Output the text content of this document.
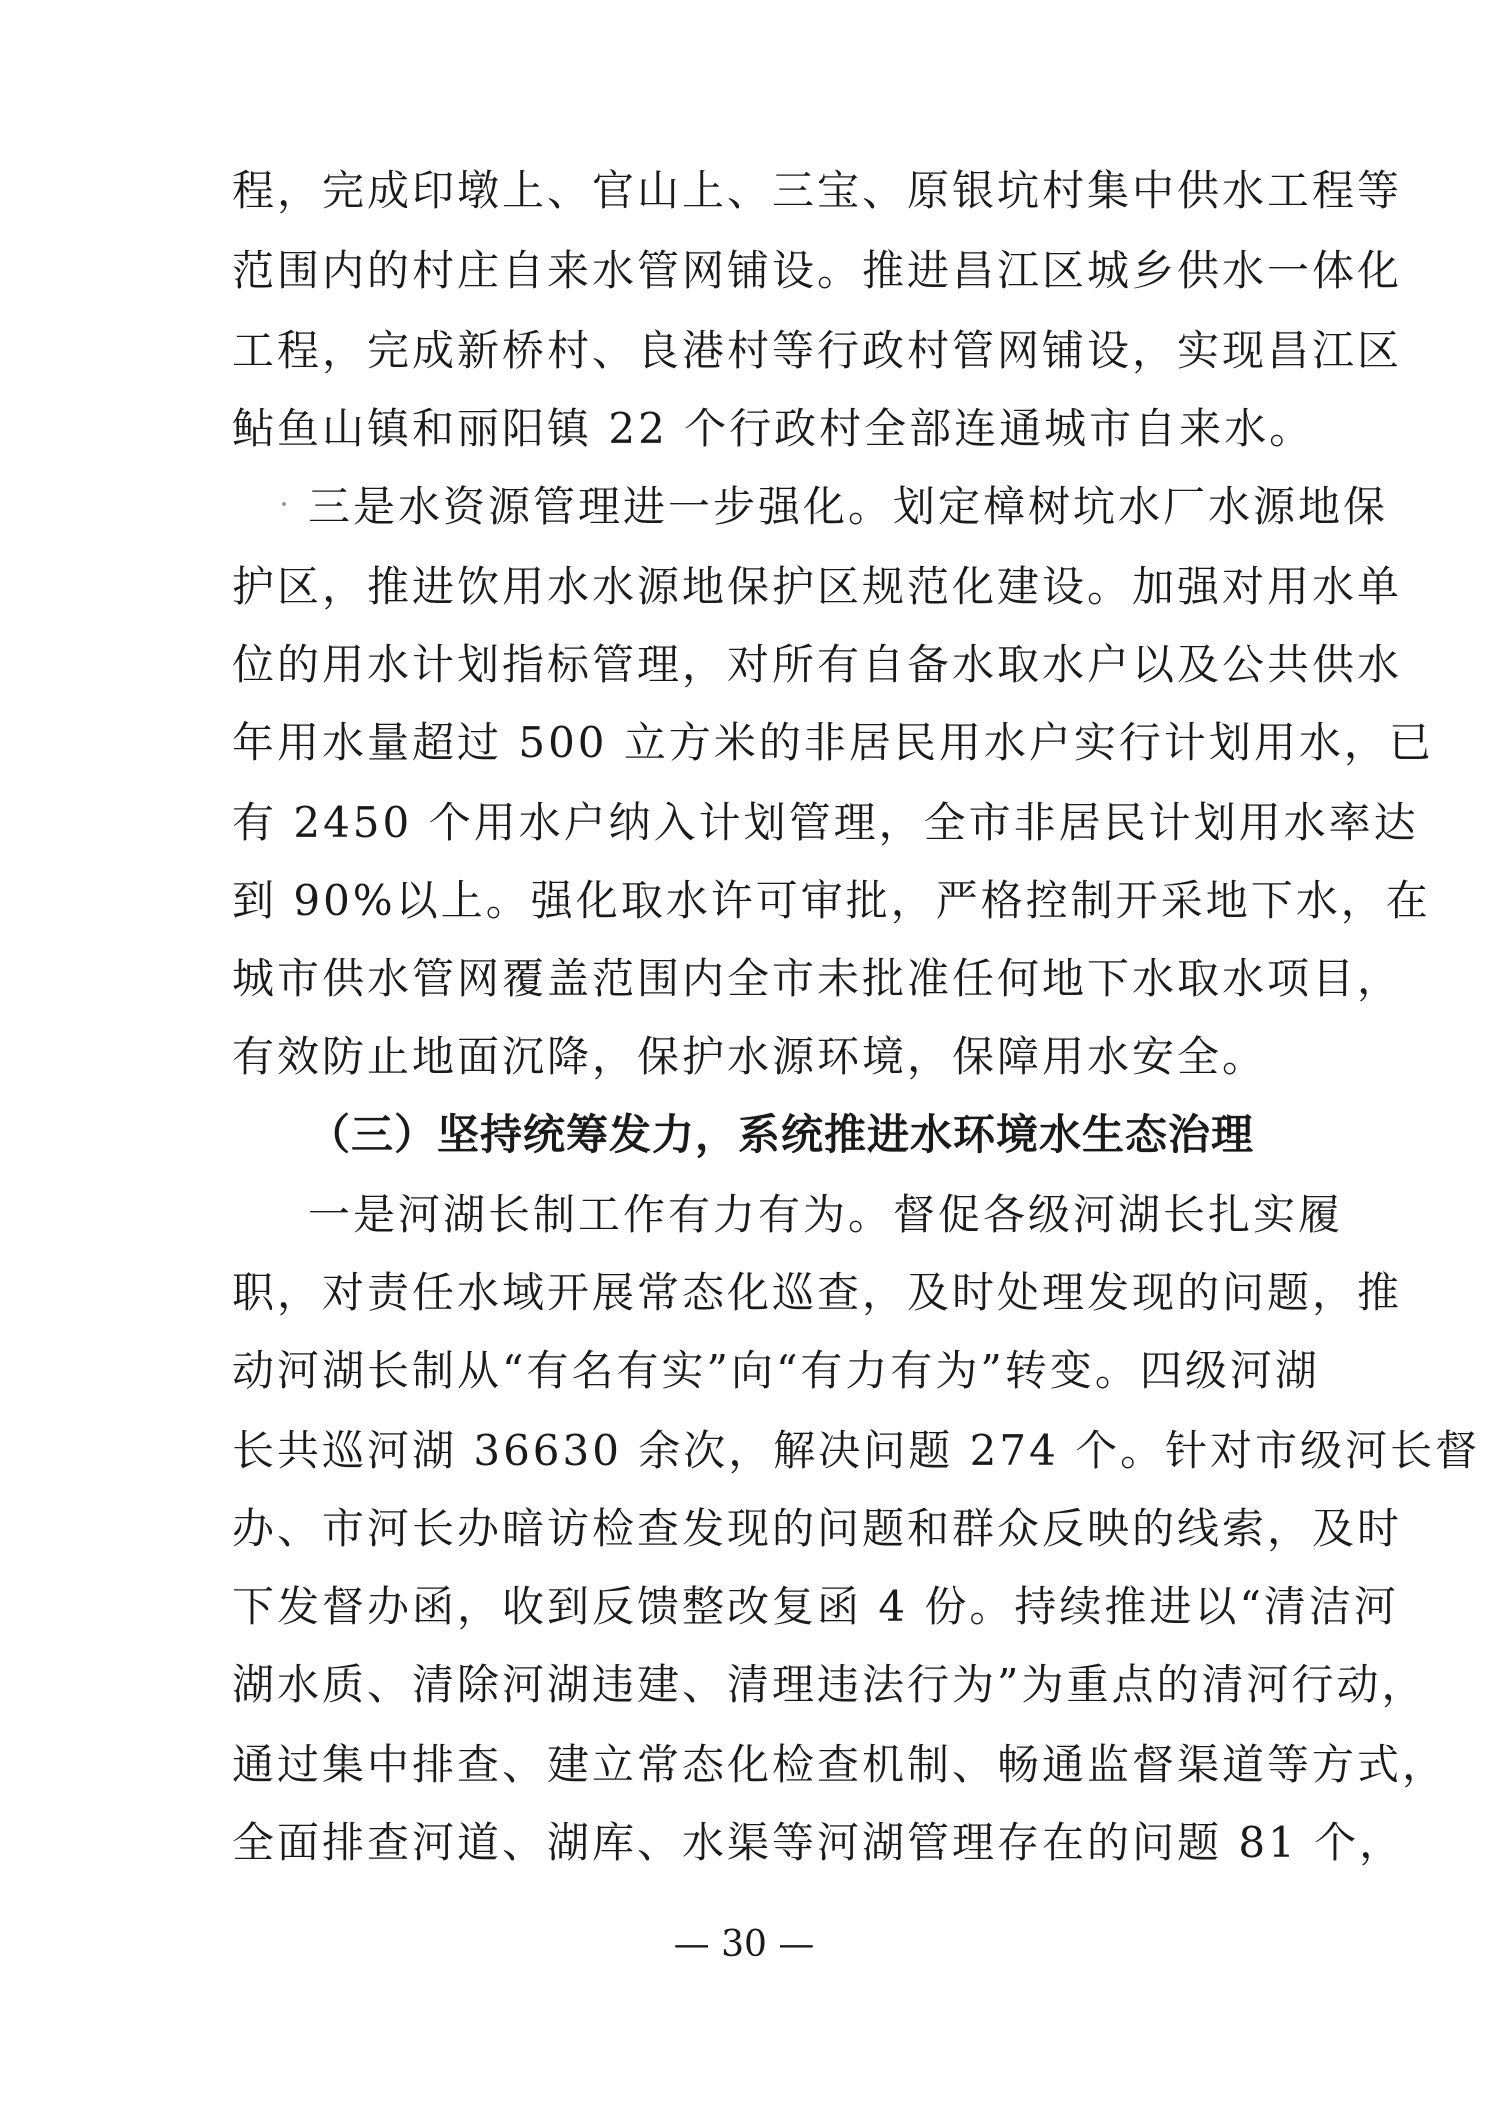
程，完成印墩上、官山上、三宝、原银坑村集中供水工程等
范围内的村庄自来水管网铺设。推进昌江区城乡供水一体化
工程，完成新桥村、良港村等行政村管网铺设，实现昌江区
鲇鱼山镇和丽阳镇 22 个行政村全部连通城市自来水。
三是水资源管理进一步强化。划定樟树坑水厂水源地保
护区，推进饮用水水源地保护区规范化建设。加强对用水单
位的用水计划指标管理，对所有自备水取水户以及公共供水
年用水量超过 500 立方米的非居民用水户实行计划用水，已
有 2450 个用水户纳入计划管理，全市非居民计划用水率达
到 90%以上。强化取水许可审批，严格控制开采地下水，在
城市供水管网覆盖范围内全市未批准任何地下水取水项目，
有效防止地面沉降，保护水源环境，保障用水安全。
（三）坚持统筹发力，系统推进水环境水生态治理
一是河湖长制工作有力有为。督促各级河湖长扎实履
职，对责任水域开展常态化巡查，及时处理发现的问题，推
动河湖长制从“有名有实”向“有力有为”转变。四级河湖
长共巡河湖 36630 余次，解决问题 274 个。针对市级河长督
办、市河长办暗访检查发现的问题和群众反映的线索，及时
下发督办函，收到反馈整改复函 4 份。持续推进以“清洁河
湖水质、清除河湖违建、清理违法行为”为重点的清河行动，
通过集中排查、建立常态化检查机制、畅通监督渠道等方式，
全面排查河道、湖库、水渠等河湖管理存在的问题 81 个，
— 30 —
